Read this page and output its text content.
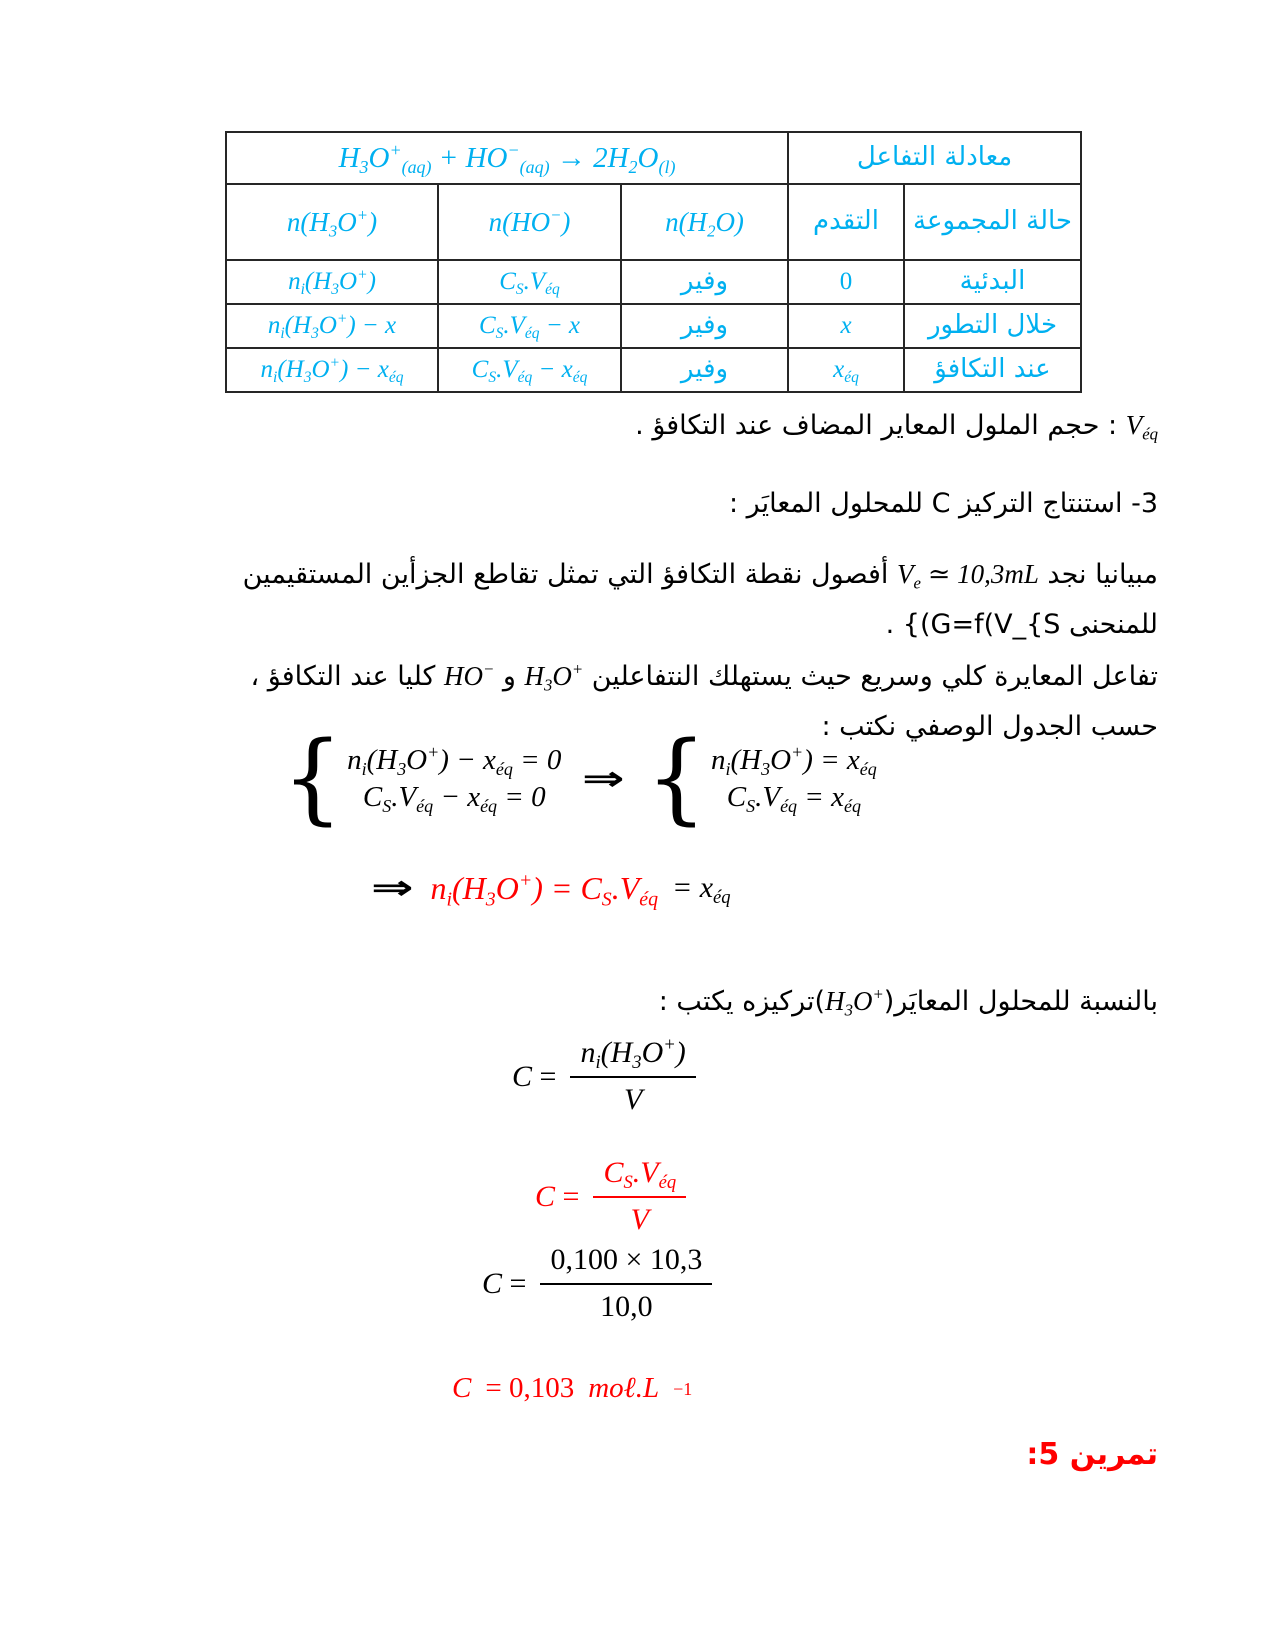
$H_3O^+_{(aq)} + HO^-_{(aq)} \to 2H_2O_{(l)}$			معادلة التفاعل	
$n(H_3O^+)$	n(HO−)	$n(H_2O)$	التقدم	حالة المجموعة
$n_i(H_3O^+)$	$C_S.V_{éq}$	وفير	0	البدئية
$n_i(H_3O^+) - x$	$C_S.V_{éq} - x$	وفير	x	خلال التطور
$n_i(H_3O^+) - x_{éq}$	$C_S.V_{éq} - x_{éq}$	وفير	$x_{éq}$	عند التكافؤ
$V_{éq}$ : حجم الملول المعاير المضاف عند التكافؤ .
3- استنتاج التركيز C للمحلول المعايَر :
مبيانيا نجد $V_e$ ≃ 10,3mL أفصول نقطة التكافؤ التي تمثل تقاطع الجزأين المستقيمين
للمنحنى G=f(V_{S)} .
تفاعل المعايرة كلي وسريع حيث يستهلك النتفاعلين $H_3O^+$ و HO− كليا عند التكافؤ ،
حسب الجدول الوصفي نكتب :
{ $n_i(H_3O^+) - x_{éq} = 0$
$C_S.V_{éq} - x_{éq} = 0$ ⇒ { $n_i(H_3O^+) = x_{éq}$
$C_S.V_{éq} = x_{éq}$
⇒ $n_i(H_3O^+) = C_S.V_{éq} = x_{éq}$
بالنسبة للمحلول $المعايَر(H_3O^+)تركيزه$ يكتب :
$C = \frac{n_i(H_3O^+)}{V}$
$C = \frac{C_S.V_{éq}}{V}$
$C = \frac{0,100 \times 10,3}{10,0}$
C = 0,103 moℓ.L −1
تمرين 5:
